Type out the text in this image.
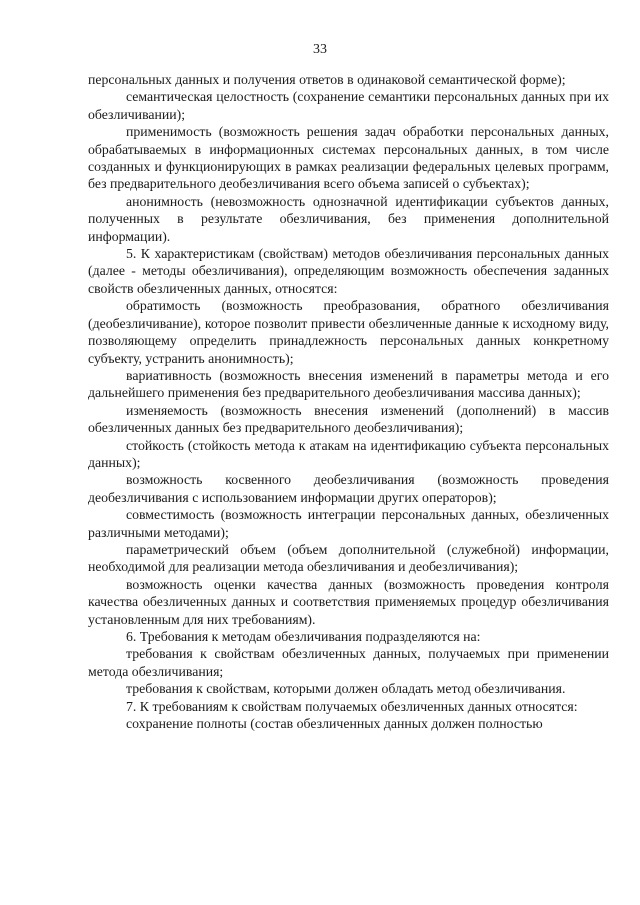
33

персональных данных и получения ответов в одинаковой семантической форме);

семантическая целостность (сохранение семантики персональных данных при их обезличивании);

применимость (возможность решения задач обработки персональных данных, обрабатываемых в информационных системах персональных данных, в том числе созданных и функционирующих в рамках реализации федеральных целевых программ, без предварительного деобезличивания всего объема записей о субъектах);

анонимность (невозможность однозначной идентификации субъектов данных, полученных в результате обезличивания, без применения дополнительной информации).

5. К характеристикам (свойствам) методов обезличивания персональных данных (далее - методы обезличивания), определяющим возможность обеспечения заданных свойств обезличенных данных, относятся:

обратимость (возможность преобразования, обратного обезличивания (деобезличивание), которое позволит привести обезличенные данные к исходному виду, позволяющему определить принадлежность персональных данных конкретному субъекту, устранить анонимность);

вариативность (возможность внесения изменений в параметры метода и его дальнейшего применения без предварительного деобезличивания массива данных);

изменяемость (возможность внесения изменений (дополнений) в массив обезличенных данных без предварительного деобезличивания);

стойкость (стойкость метода к атакам на идентификацию субъекта персональных данных);

возможность косвенного деобезличивания (возможность проведения деобезличивания с использованием информации других операторов);

совместимость (возможность интеграции персональных данных, обезличенных различными методами);

параметрический объем (объем дополнительной (служебной) информации, необходимой для реализации метода обезличивания и деобезличивания);

возможность оценки качества данных (возможность проведения контроля качества обезличенных данных и соответствия применяемых процедур обезличивания установленным для них требованиям).

6. Требования к методам обезличивания подразделяются на:

требования к свойствам обезличенных данных, получаемых при применении метода обезличивания;

требования к свойствам, которыми должен обладать метод обезличивания.

7. К требованиям к свойствам получаемых обезличенных данных относятся:

сохранение полноты (состав обезличенных данных должен полностью
